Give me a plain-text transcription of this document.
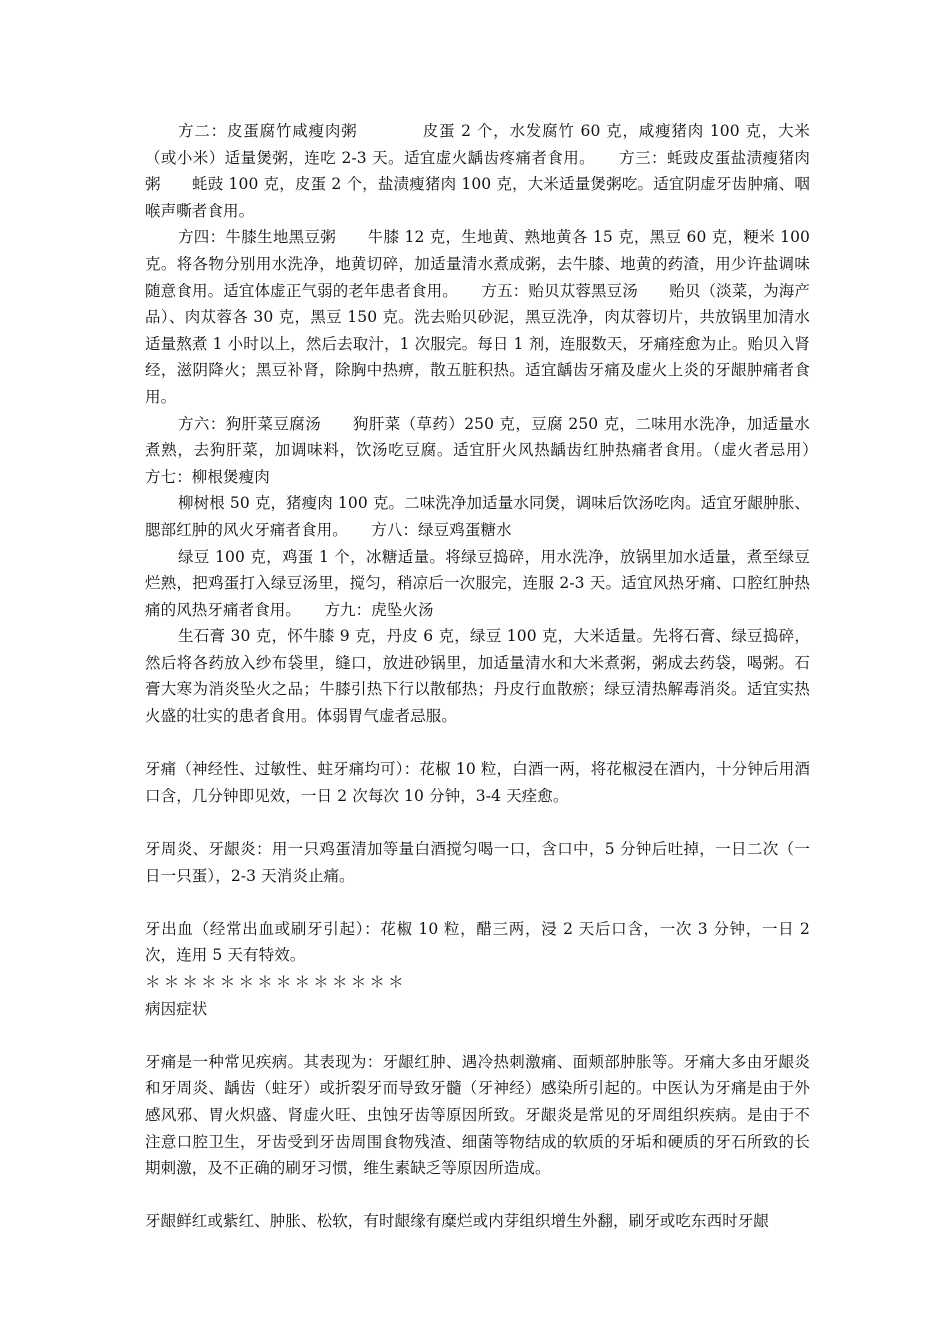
方二：皮蛋腐竹咸瘦肉粥　　　　皮蛋 2 个，水发腐竹 60 克，咸瘦猪肉 100 克，大米（或小米）适量煲粥，连吃 2-3 天。适宜虚火龋齿疼痛者食用。　　方三：蚝豉皮蛋盐渍瘦猪肉粥　　蚝豉 100 克，皮蛋 2 个，盐渍瘦猪肉 100 克，大米适量煲粥吃。适宜阴虚牙齿肿痛、咽喉声嘶者食用。

方四：牛膝生地黑豆粥　　牛膝 12 克，生地黄、熟地黄各 15 克，黑豆 60 克，粳米 100 克。将各物分别用水洗净，地黄切碎，加适量清水煮成粥，去牛膝、地黄的药渣，用少许盐调味随意食用。适宜体虚正气弱的老年患者食用。　　方五：贻贝苁蓉黑豆汤　　贻贝（淡菜，为海产品）、肉苁蓉各 30 克，黑豆 150 克。洗去贻贝砂泥，黑豆洗净，肉苁蓉切片，共放锅里加清水适量熬煮 1 小时以上，然后去取汁，1 次服完。每日 1 剂，连服数天，牙痛痊愈为止。贻贝入肾经，滋阴降火；黑豆补肾，除胸中热痹，散五脏积热。适宜龋齿牙痛及虚火上炎的牙龈肿痛者食用。

方六：狗肝菜豆腐汤　　狗肝菜（草药）250 克，豆腐 250 克，二味用水洗净，加适量水煮熟，去狗肝菜，加调味料，饮汤吃豆腐。适宜肝火风热龋齿红肿热痛者食用。（虚火者忌用）　　方七：柳根煲瘦肉

柳树根 50 克，猪瘦肉 100 克。二味洗净加适量水同煲，调味后饮汤吃肉。适宜牙龈肿胀、腮部红肿的风火牙痛者食用。　　方八：绿豆鸡蛋糖水

绿豆 100 克，鸡蛋 1 个，冰糖适量。将绿豆捣碎，用水洗净，放锅里加水适量，煮至绿豆烂熟，把鸡蛋打入绿豆汤里，搅匀，稍凉后一次服完，连服 2-3 天。适宜风热牙痛、口腔红肿热痛的风热牙痛者食用。　　方九：虎坠火汤

生石膏 30 克，怀牛膝 9 克，丹皮 6 克，绿豆 100 克，大米适量。先将石膏、绿豆捣碎，然后将各药放入纱布袋里，缝口，放进砂锅里，加适量清水和大米煮粥，粥成去药袋，喝粥。石膏大寒为消炎坠火之品；牛膝引热下行以散郁热；丹皮行血散瘀；绿豆清热解毒消炎。适宜实热火盛的壮实的患者食用。体弱胃气虚者忌服。

牙痛（神经性、过敏性、蛀牙痛均可）：花椒 10 粒，白酒一两，将花椒浸在酒内，十分钟后用酒口含，几分钟即见效，一日 2 次每次 10 分钟，3-4 天痊愈。

牙周炎、牙龈炎：用一只鸡蛋清加等量白酒搅匀喝一口，含口中，5 分钟后吐掉，一日二次（一日一只蛋），2-3 天消炎止痛。

牙出血（经常出血或刷牙引起）：花椒 10 粒，醋三两，浸 2 天后口含，一次 3 分钟，一日 2 次，连用 5 天有特效。

＊＊＊＊＊＊＊＊＊＊＊＊＊＊

病因症状

牙痛是一种常见疾病。其表现为：牙龈红肿、遇冷热刺激痛、面颊部肿胀等。牙痛大多由牙龈炎和牙周炎、龋齿（蛀牙）或折裂牙而导致牙髓（牙神经）感染所引起的。中医认为牙痛是由于外感风邪、胃火炽盛、肾虚火旺、虫蚀牙齿等原因所致。牙龈炎是常见的牙周组织疾病。是由于不注意口腔卫生，牙齿受到牙齿周围食物残渣、细菌等物结成的软质的牙垢和硬质的牙石所致的长期刺激，及不正确的刷牙习惯，维生素缺乏等原因所造成。

牙龈鲜红或紫红、肿胀、松软，有时龈缘有糜烂或内芽组织增生外翻，刷牙或吃东西时牙龈
